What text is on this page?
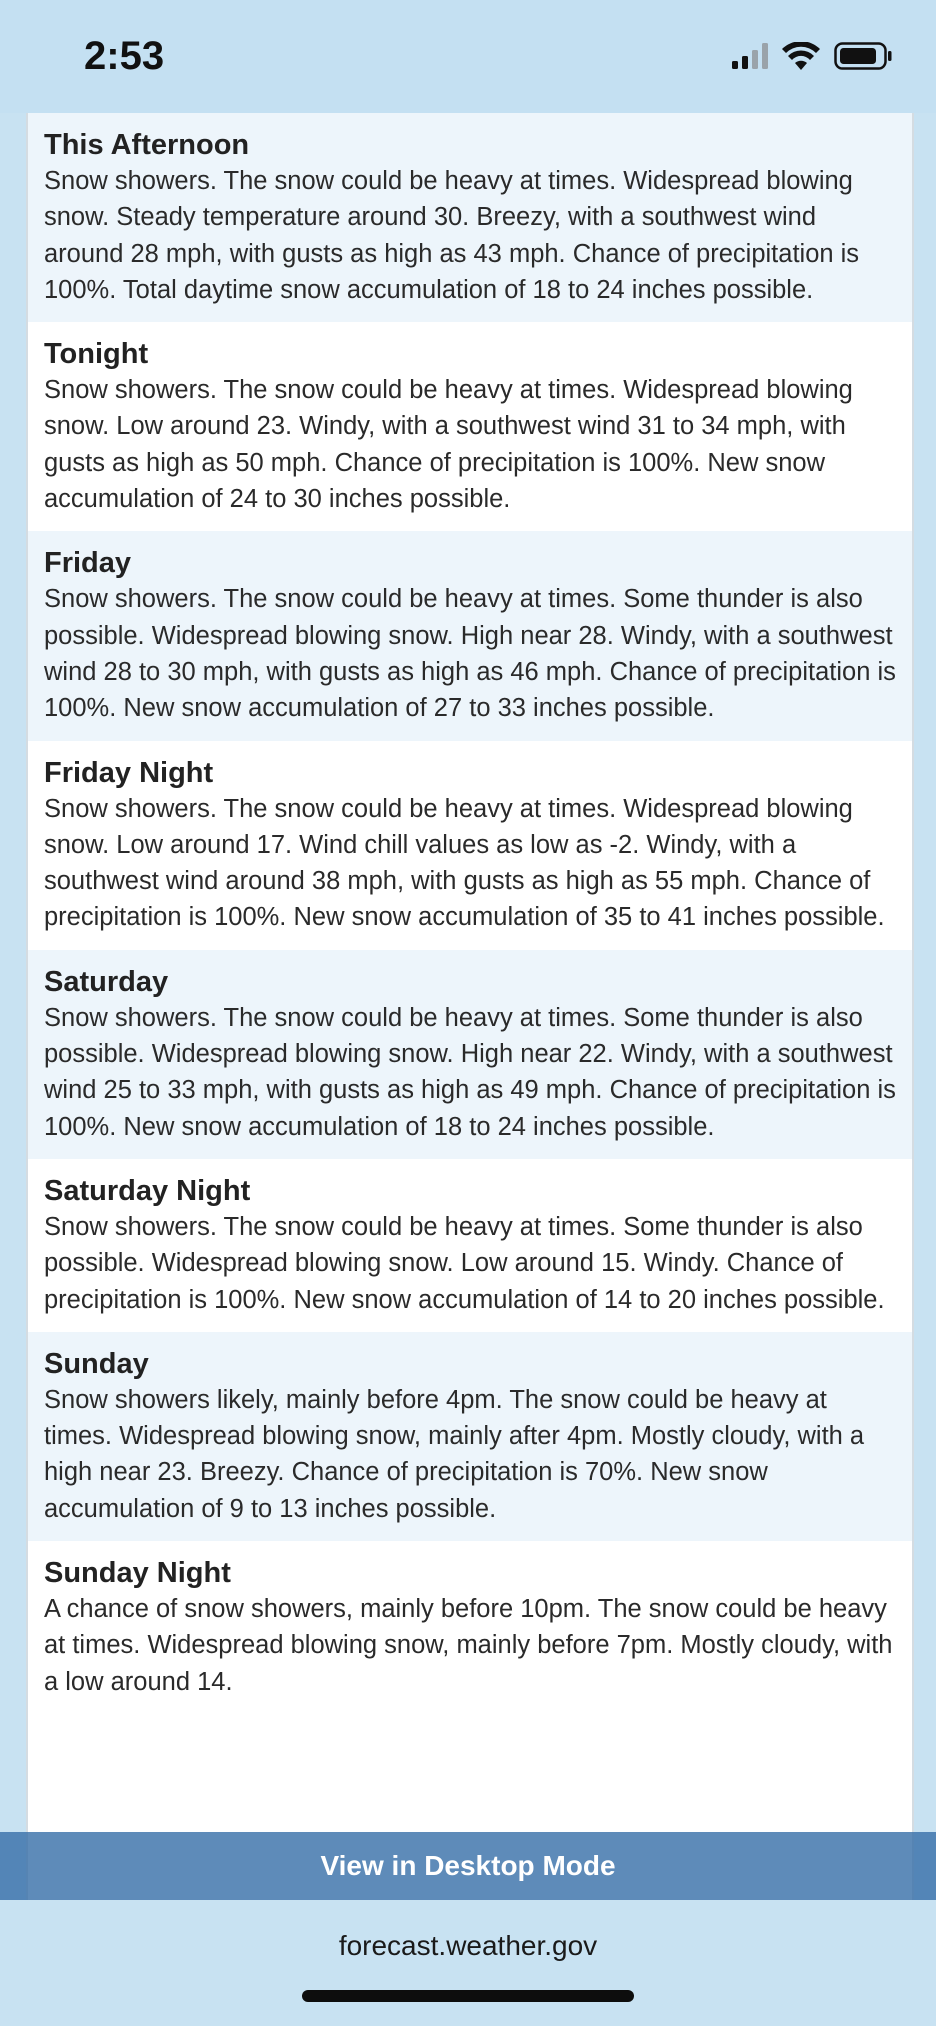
2:53
This Afternoon
Snow showers. The snow could be heavy at times. Widespread blowing snow. Steady temperature around 30. Breezy, with a southwest wind around 28 mph, with gusts as high as 43 mph. Chance of precipitation is 100%. Total daytime snow accumulation of 18 to 24 inches possible.
Tonight
Snow showers. The snow could be heavy at times. Widespread blowing snow. Low around 23. Windy, with a southwest wind 31 to 34 mph, with gusts as high as 50 mph. Chance of precipitation is 100%. New snow accumulation of 24 to 30 inches possible.
Friday
Snow showers. The snow could be heavy at times. Some thunder is also possible. Widespread blowing snow. High near 28. Windy, with a southwest wind 28 to 30 mph, with gusts as high as 46 mph. Chance of precipitation is 100%. New snow accumulation of 27 to 33 inches possible.
Friday Night
Snow showers. The snow could be heavy at times. Widespread blowing snow. Low around 17. Wind chill values as low as -2. Windy, with a southwest wind around 38 mph, with gusts as high as 55 mph. Chance of precipitation is 100%. New snow accumulation of 35 to 41 inches possible.
Saturday
Snow showers. The snow could be heavy at times. Some thunder is also possible. Widespread blowing snow. High near 22. Windy, with a southwest wind 25 to 33 mph, with gusts as high as 49 mph. Chance of precipitation is 100%. New snow accumulation of 18 to 24 inches possible.
Saturday Night
Snow showers. The snow could be heavy at times. Some thunder is also possible. Widespread blowing snow. Low around 15. Windy. Chance of precipitation is 100%. New snow accumulation of 14 to 20 inches possible.
Sunday
Snow showers likely, mainly before 4pm. The snow could be heavy at times. Widespread blowing snow, mainly after 4pm. Mostly cloudy, with a high near 23. Breezy. Chance of precipitation is 70%. New snow accumulation of 9 to 13 inches possible.
Sunday Night
A chance of snow showers, mainly before 10pm. The snow could be heavy at times. Widespread blowing snow, mainly before 7pm. Mostly cloudy, with a low around 14.
View in Desktop Mode
forecast.weather.gov
